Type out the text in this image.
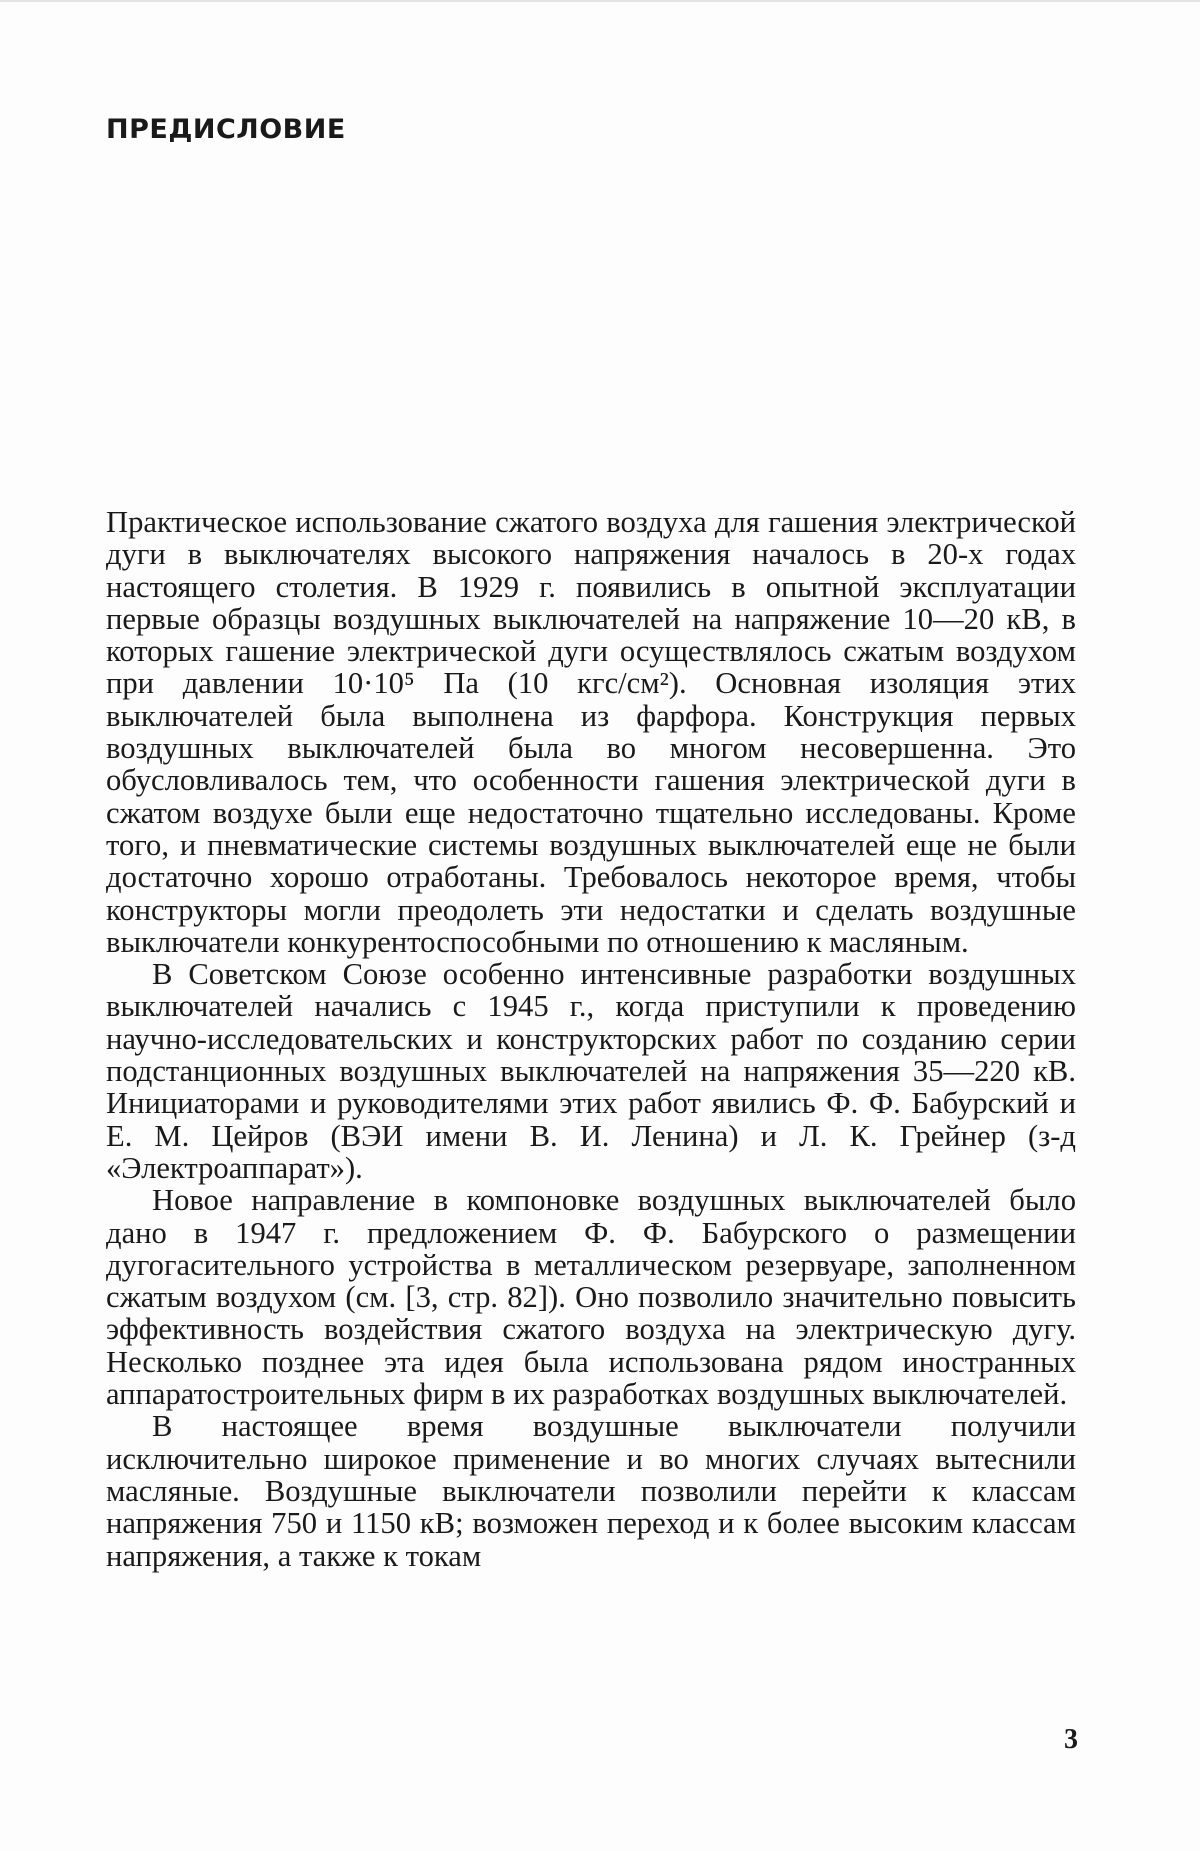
ПРЕДИСЛОВИЕ

Практическое использование сжатого воздуха для гашения электрической дуги в выключателях высокого напряжения началось в 20-х годах настоящего столетия. В 1929 г. появились в опытной эксплуатации первые образцы воздушных выключателей на напряжение 10—20 кВ, в которых гашение электрической дуги осуществлялось сжатым воздухом при давлении 10·10⁵ Па (10 кгс/см²). Основная изоляция этих выключателей была выполнена из фарфора. Конструкция первых воздушных выключателей была во многом несовершенна. Это обусловливалось тем, что особенности гашения электрической дуги в сжатом воздухе были еще недостаточно тщательно исследованы. Кроме того, и пневматические системы воздушных выключателей еще не были достаточно хорошо отработаны. Требовалось некоторое время, чтобы конструкторы могли преодолеть эти недостатки и сделать воздушные выключатели конкурентоспособными по отношению к масляным.

В Советском Союзе особенно интенсивные разработки воздушных выключателей начались с 1945 г., когда приступили к проведению научно-исследовательских и конструкторских работ по созданию серии подстанционных воздушных выключателей на напряжения 35—220 кВ. Инициаторами и руководителями этих работ явились Ф. Ф. Бабурский и Е. М. Цейров (ВЭИ имени В. И. Ленина) и Л. К. Грейнер (з-д «Электроаппарат»).

Новое направление в компоновке воздушных выключателей было дано в 1947 г. предложением Ф. Ф. Бабурского о размещении дугогасительного устройства в металлическом резервуаре, заполненном сжатым воздухом (см. [3, стр. 82]). Оно позволило значительно повысить эффективность воздействия сжатого воздуха на электрическую дугу. Несколько позднее эта идея была использована рядом иностранных аппаратостроительных фирм в их разработках воздушных выключателей.

В настоящее время воздушные выключатели получили исключительно широкое применение и во многих случаях вытеснили масляные. Воздушные выключатели позволили перейти к классам напряжения 750 и 1150 кВ; возможен переход и к более высоким классам напряжения, а также к токам

3
